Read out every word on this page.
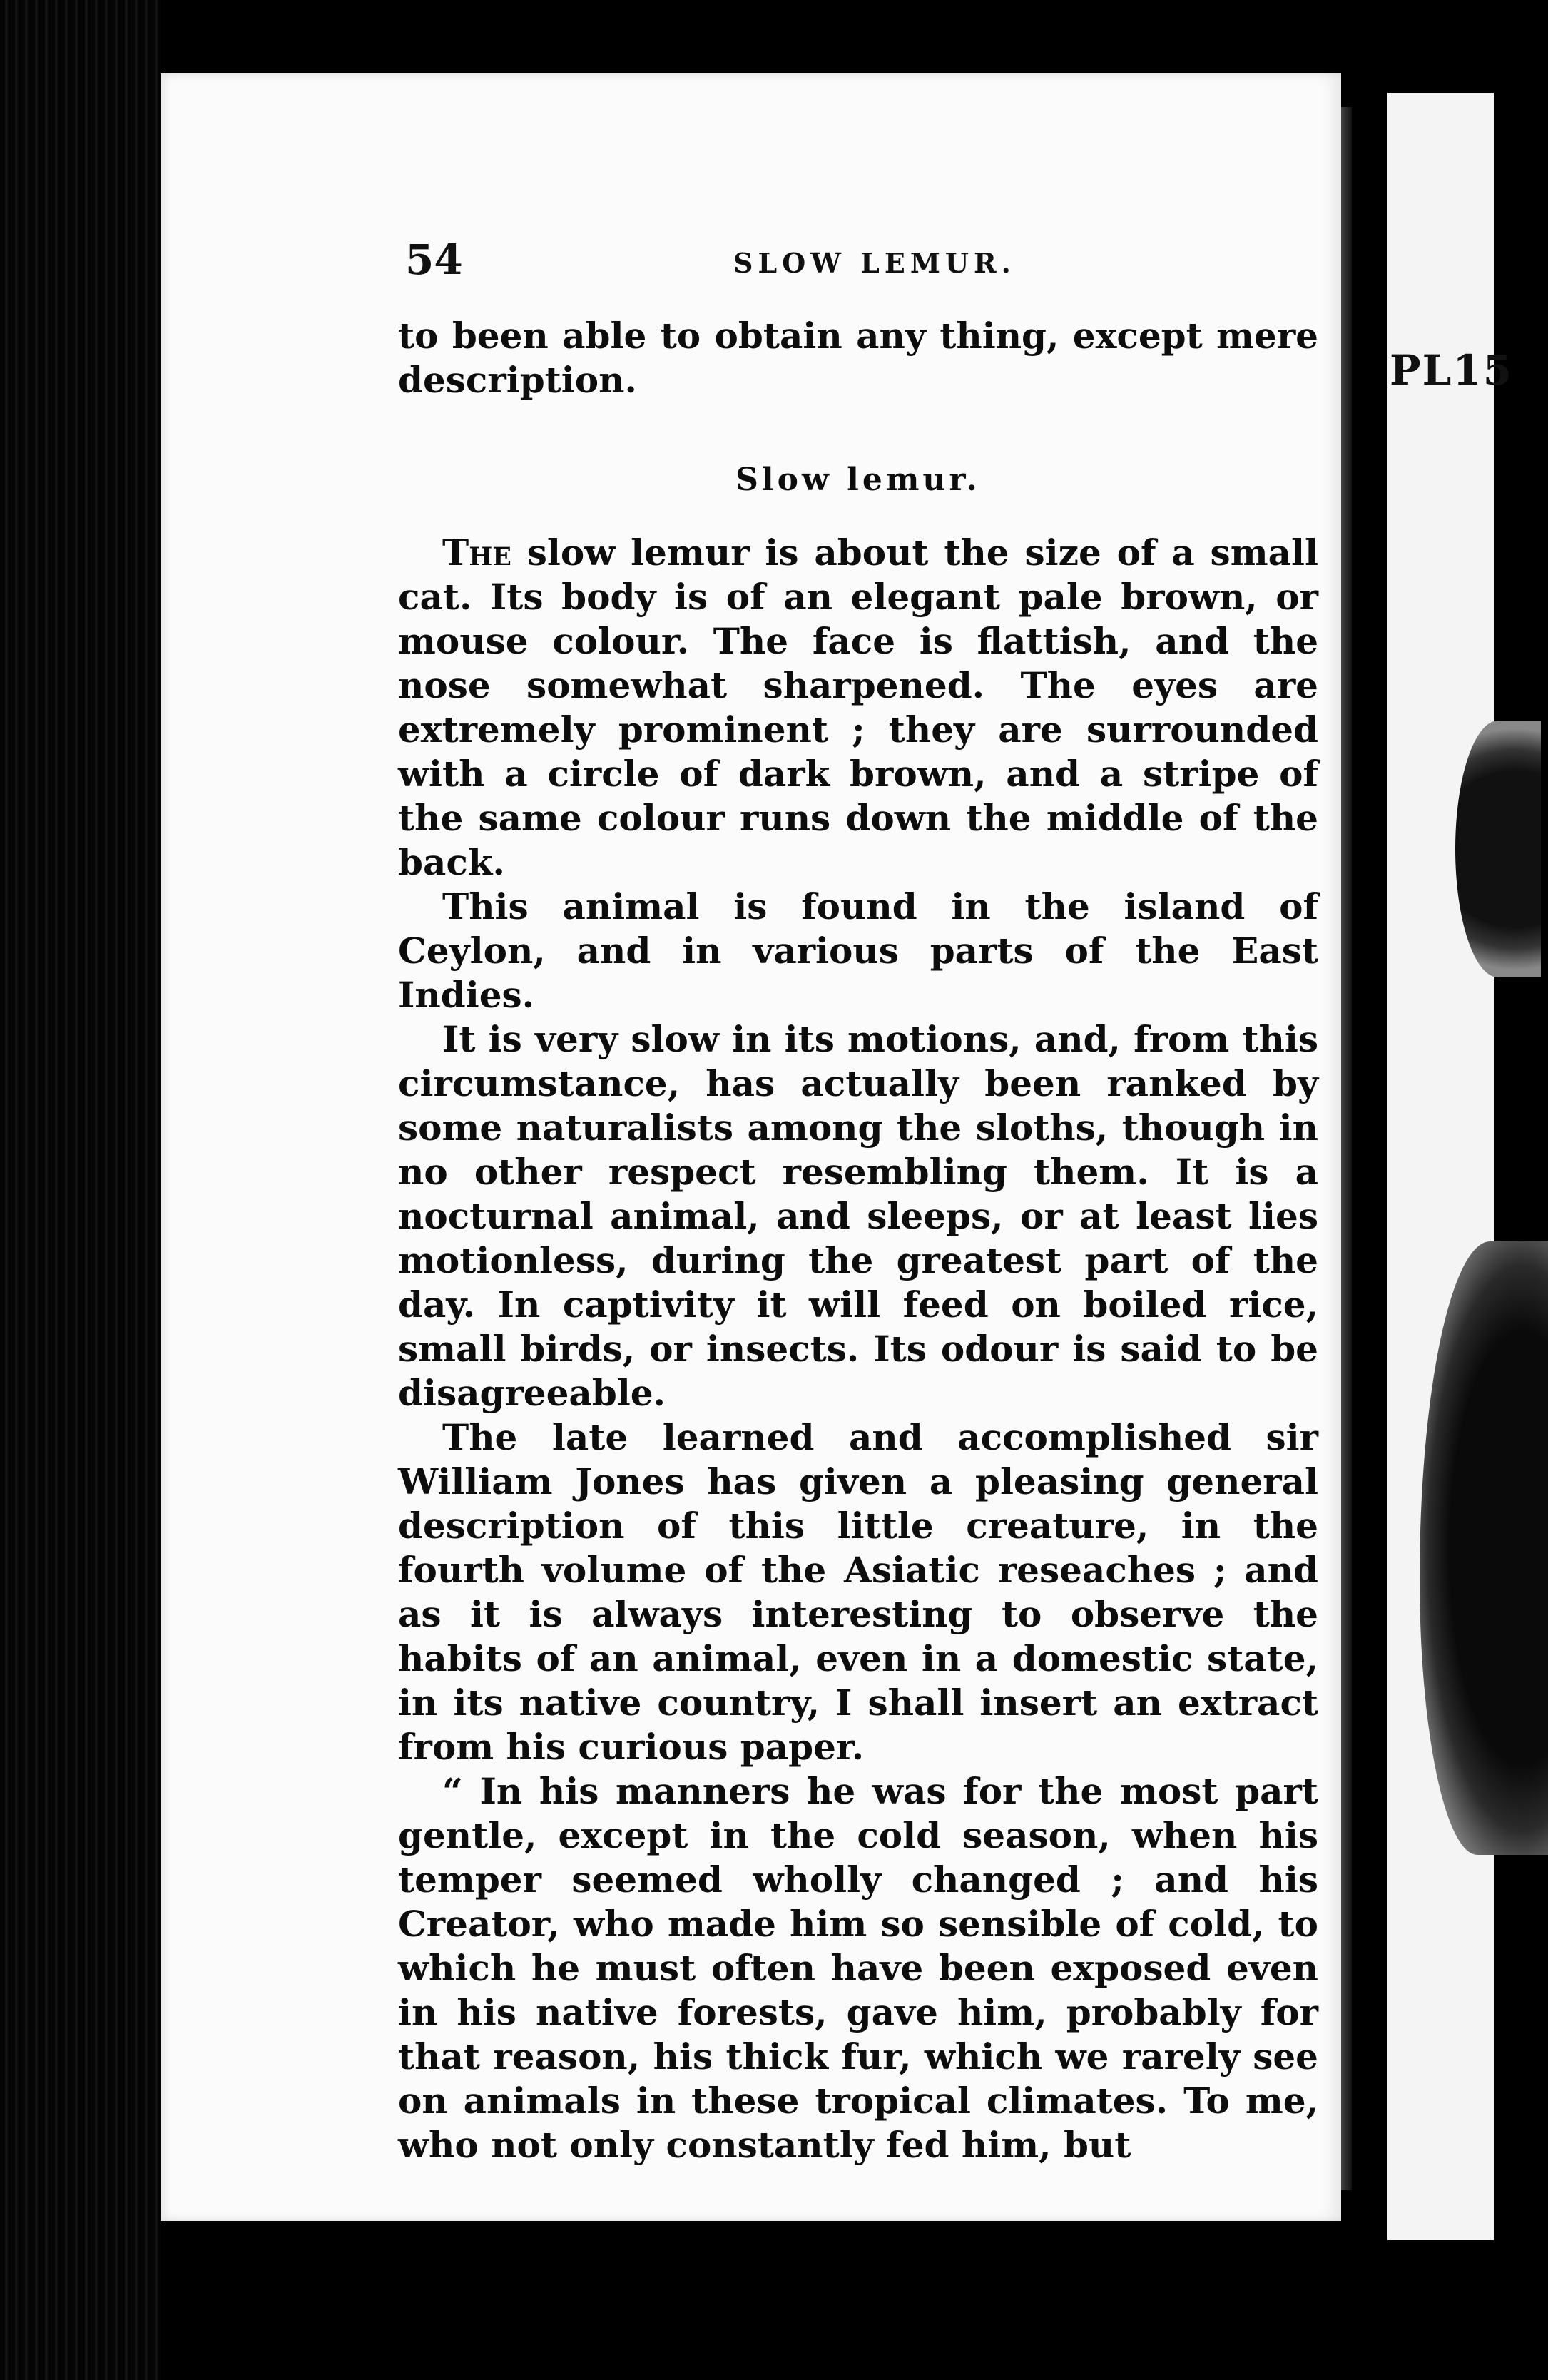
PL15
54	SLOW LEMUR.

to been able to obtain any thing, except mere description.

Slow lemur.

The slow lemur is about the size of a small cat. Its body is of an elegant pale brown, or mouse colour. The face is flattish, and the nose somewhat sharpened. The eyes are extremely prominent ; they are surrounded with a circle of dark brown, and a stripe of the same colour runs down the middle of the back.

This animal is found in the island of Ceylon, and in various parts of the East Indies.

It is very slow in its motions, and, from this circumstance, has actually been ranked by some naturalists among the sloths, though in no other respect resembling them. It is a nocturnal animal, and sleeps, or at least lies motionless, during the greatest part of the day. In captivity it will feed on boiled rice, small birds, or insects. Its odour is said to be disagreeable.

The late learned and accomplished sir William Jones has given a pleasing general description of this little creature, in the fourth volume of the Asiatic reseaches ; and as it is always interesting to observe the habits of an animal, even in a domestic state, in its native country, I shall insert an extract from his curious paper.

“ In his manners he was for the most part gentle, except in the cold season, when his temper seemed wholly changed ; and his Creator, who made him so sensible of cold, to which he must often have been exposed even in his native forests, gave him, probably for that reason, his thick fur, which we rarely see on animals in these tropical climates. To me, who not only constantly fed him, but
